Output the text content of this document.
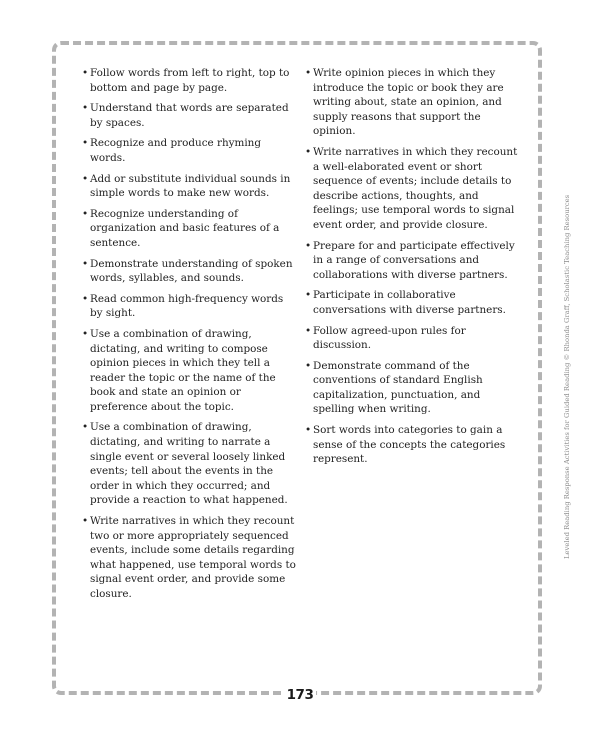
• Follow words from left to right, top to bottom and page by page.
• Understand that words are separated by spaces.
• Recognize and produce rhyming words.
• Add or substitute individual sounds in simple words to make new words.
• Recognize understanding of organization and basic features of a sentence.
• Demonstrate understanding of spoken words, syllables, and sounds.
• Read common high-frequency words by sight.
• Use a combination of drawing, dictating, and writing to compose opinion pieces in which they tell a reader the topic or the name of the book and state an opinion or preference about the topic.
• Use a combination of drawing, dictating, and writing to narrate a single event or several loosely linked events; tell about the events in the order in which they occurred; and provide a reaction to what happened.
• Write narratives in which they recount two or more appropriately sequenced events, include some details regarding what happened, use temporal words to signal event order, and provide some closure.
• Write opinion pieces in which they introduce the topic or book they are writing about, state an opinion, and supply reasons that support the opinion.
• Write narratives in which they recount a well-elaborated event or short sequence of events; include details to describe actions, thoughts, and feelings; use temporal words to signal event order, and provide closure.
• Prepare for and participate effectively in a range of conversations and collaborations with diverse partners.
• Participate in collaborative conversations with diverse partners.
• Follow agreed-upon rules for discussion.
• Demonstrate command of the conventions of standard English capitalization, punctuation, and spelling when writing.
• Sort words into categories to gain a sense of the concepts the categories represent.
173
Leveled Reading Response Activities for Guided Reading © Rhonda Graff, Scholastic Teaching Resources
